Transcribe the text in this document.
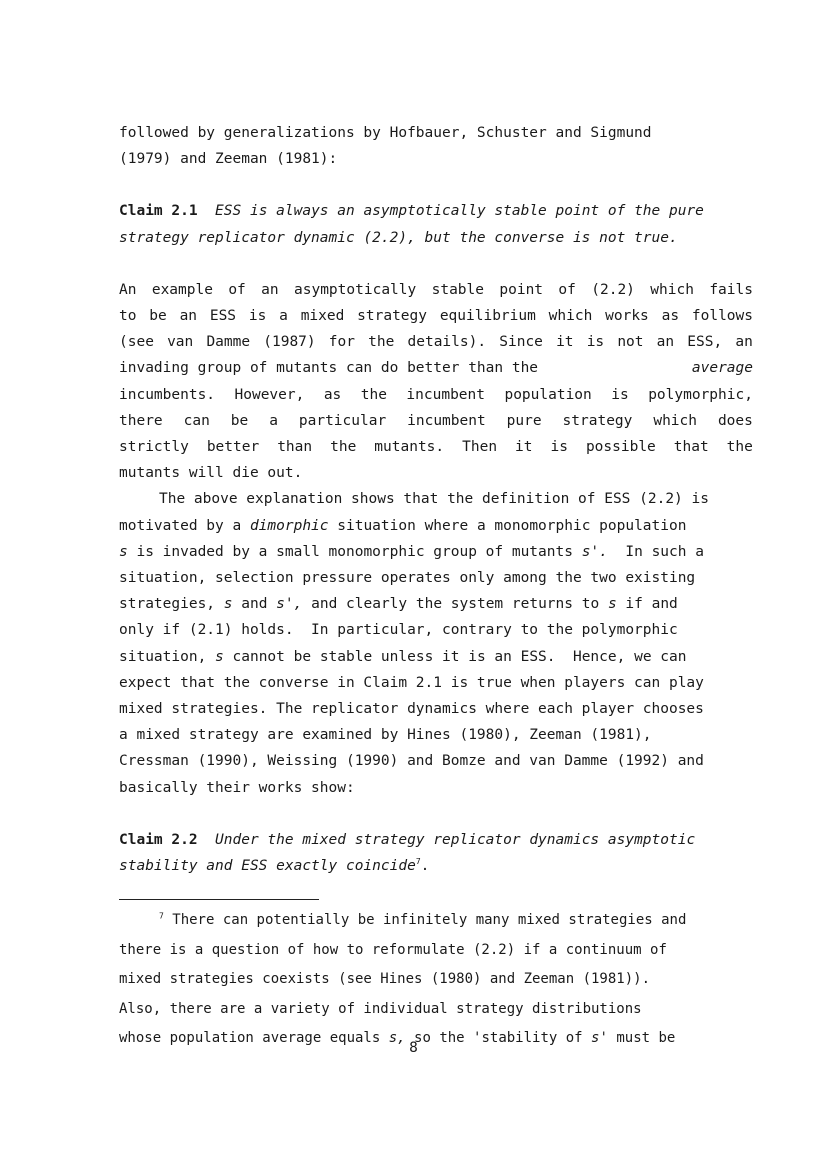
followed by generalizations by Hofbauer, Schuster and Sigmund
(1979) and Zeeman (1981):
Claim 2.1 ESS is always an asymptotically stable point of the pure
strategy replicator dynamic (2.2), but the converse is not true.
An example of an asymptotically stable point of (2.2) which fails
to be an ESS is a mixed strategy equilibrium which works as follows
(see van Damme (1987) for the details). Since it is not an ESS, an
invading group of mutants can do better than the	average
incumbents. However, as the incumbent population is polymorphic,
there can be a particular incumbent pure strategy which does
strictly better than the mutants. Then it is possible that the
mutants will die out.
The above explanation shows that the definition of ESS (2.2) is
motivated by a dimorphic situation where a monomorphic population
s is invaded by a small monomorphic group of mutants s'. In such a
situation, selection pressure operates only among the two existing
strategies, s and s', and clearly the system returns to s if and
only if (2.1) holds.  In particular, contrary to the polymorphic
situation, s cannot be stable unless it is an ESS.  Hence, we can
expect that the converse in Claim 2.1 is true when players can play
mixed strategies. The replicator dynamics where each player chooses
a mixed strategy are examined by Hines (1980), Zeeman (1981),
Cressman (1990), Weissing (1990) and Bomze and van Damme (1992) and
basically their works show:
Claim 2.2 Under the mixed strategy replicator dynamics asymptotic
stability and ESS exactly coincide$^7$.
$^7$ There can potentially be infinitely many mixed strategies and
there is a question of how to reformulate (2.2) if a continuum of
mixed strategies coexists (see Hines (1980) and Zeeman (1981)).
Also, there are a variety of individual strategy distributions
whose population average equals s, so the 'stability of s' must be
8
